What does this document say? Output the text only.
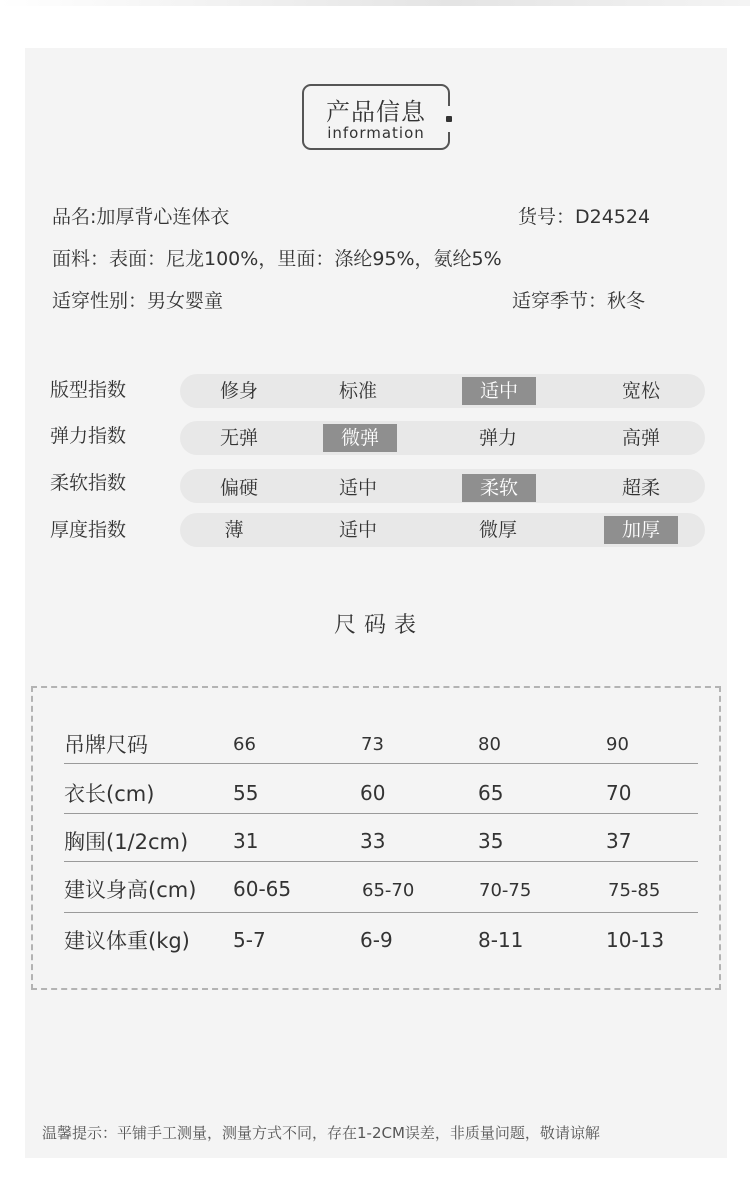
产品信息
information
品名:加厚背心连体衣	货号：D24524
面料：表面：尼龙100%，里面：涤纶95%，氨纶5%
适穿性别：男女婴童	适穿季节：秋冬
版型指数	修身	标准	适中	宽松
弹力指数	无弹	微弹	弹力	高弹
柔软指数	偏硬	适中	柔软	超柔
厚度指数	薄	适中	微厚	加厚
尺码表
吊牌尺码	66	73	80	90
衣长(cm)	55	60	65	70
胸围(1/2cm) 31	33	35	37
建议身高(cm) 60-65	65-70	70-75	75-85
建议体重(kg) 5-7	6-9	8-11	10-13
温馨提示：平铺手工测量，测量方式不同，存在1-2CM误差，非质量问题，敬请谅解
